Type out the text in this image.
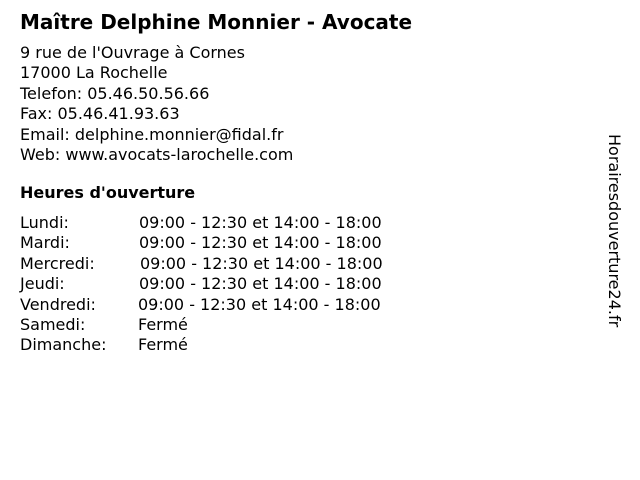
Maître Delphine Monnier - Avocate
9 rue de l'Ouvrage à Cornes
17000 La Rochelle
Telefon: 05.46.50.56.66
Fax: 05.46.41.93.63
Email: delphine.monnier@fidal.fr
Web: www.avocats-larochelle.com
Heures d'ouverture
Lundi:	09:00 - 12:30 et 14:00 - 18:00
Mardi:	09:00 - 12:30 et 14:00 - 18:00
Mercredi:	09:00 - 12:30 et 14:00 - 18:00
Jeudi:	09:00 - 12:30 et 14:00 - 18:00
Vendredi:	09:00 - 12:30 et 14:00 - 18:00
Samedi:	Fermé
Dimanche: Fermé
Horairesdouverture24.fr
